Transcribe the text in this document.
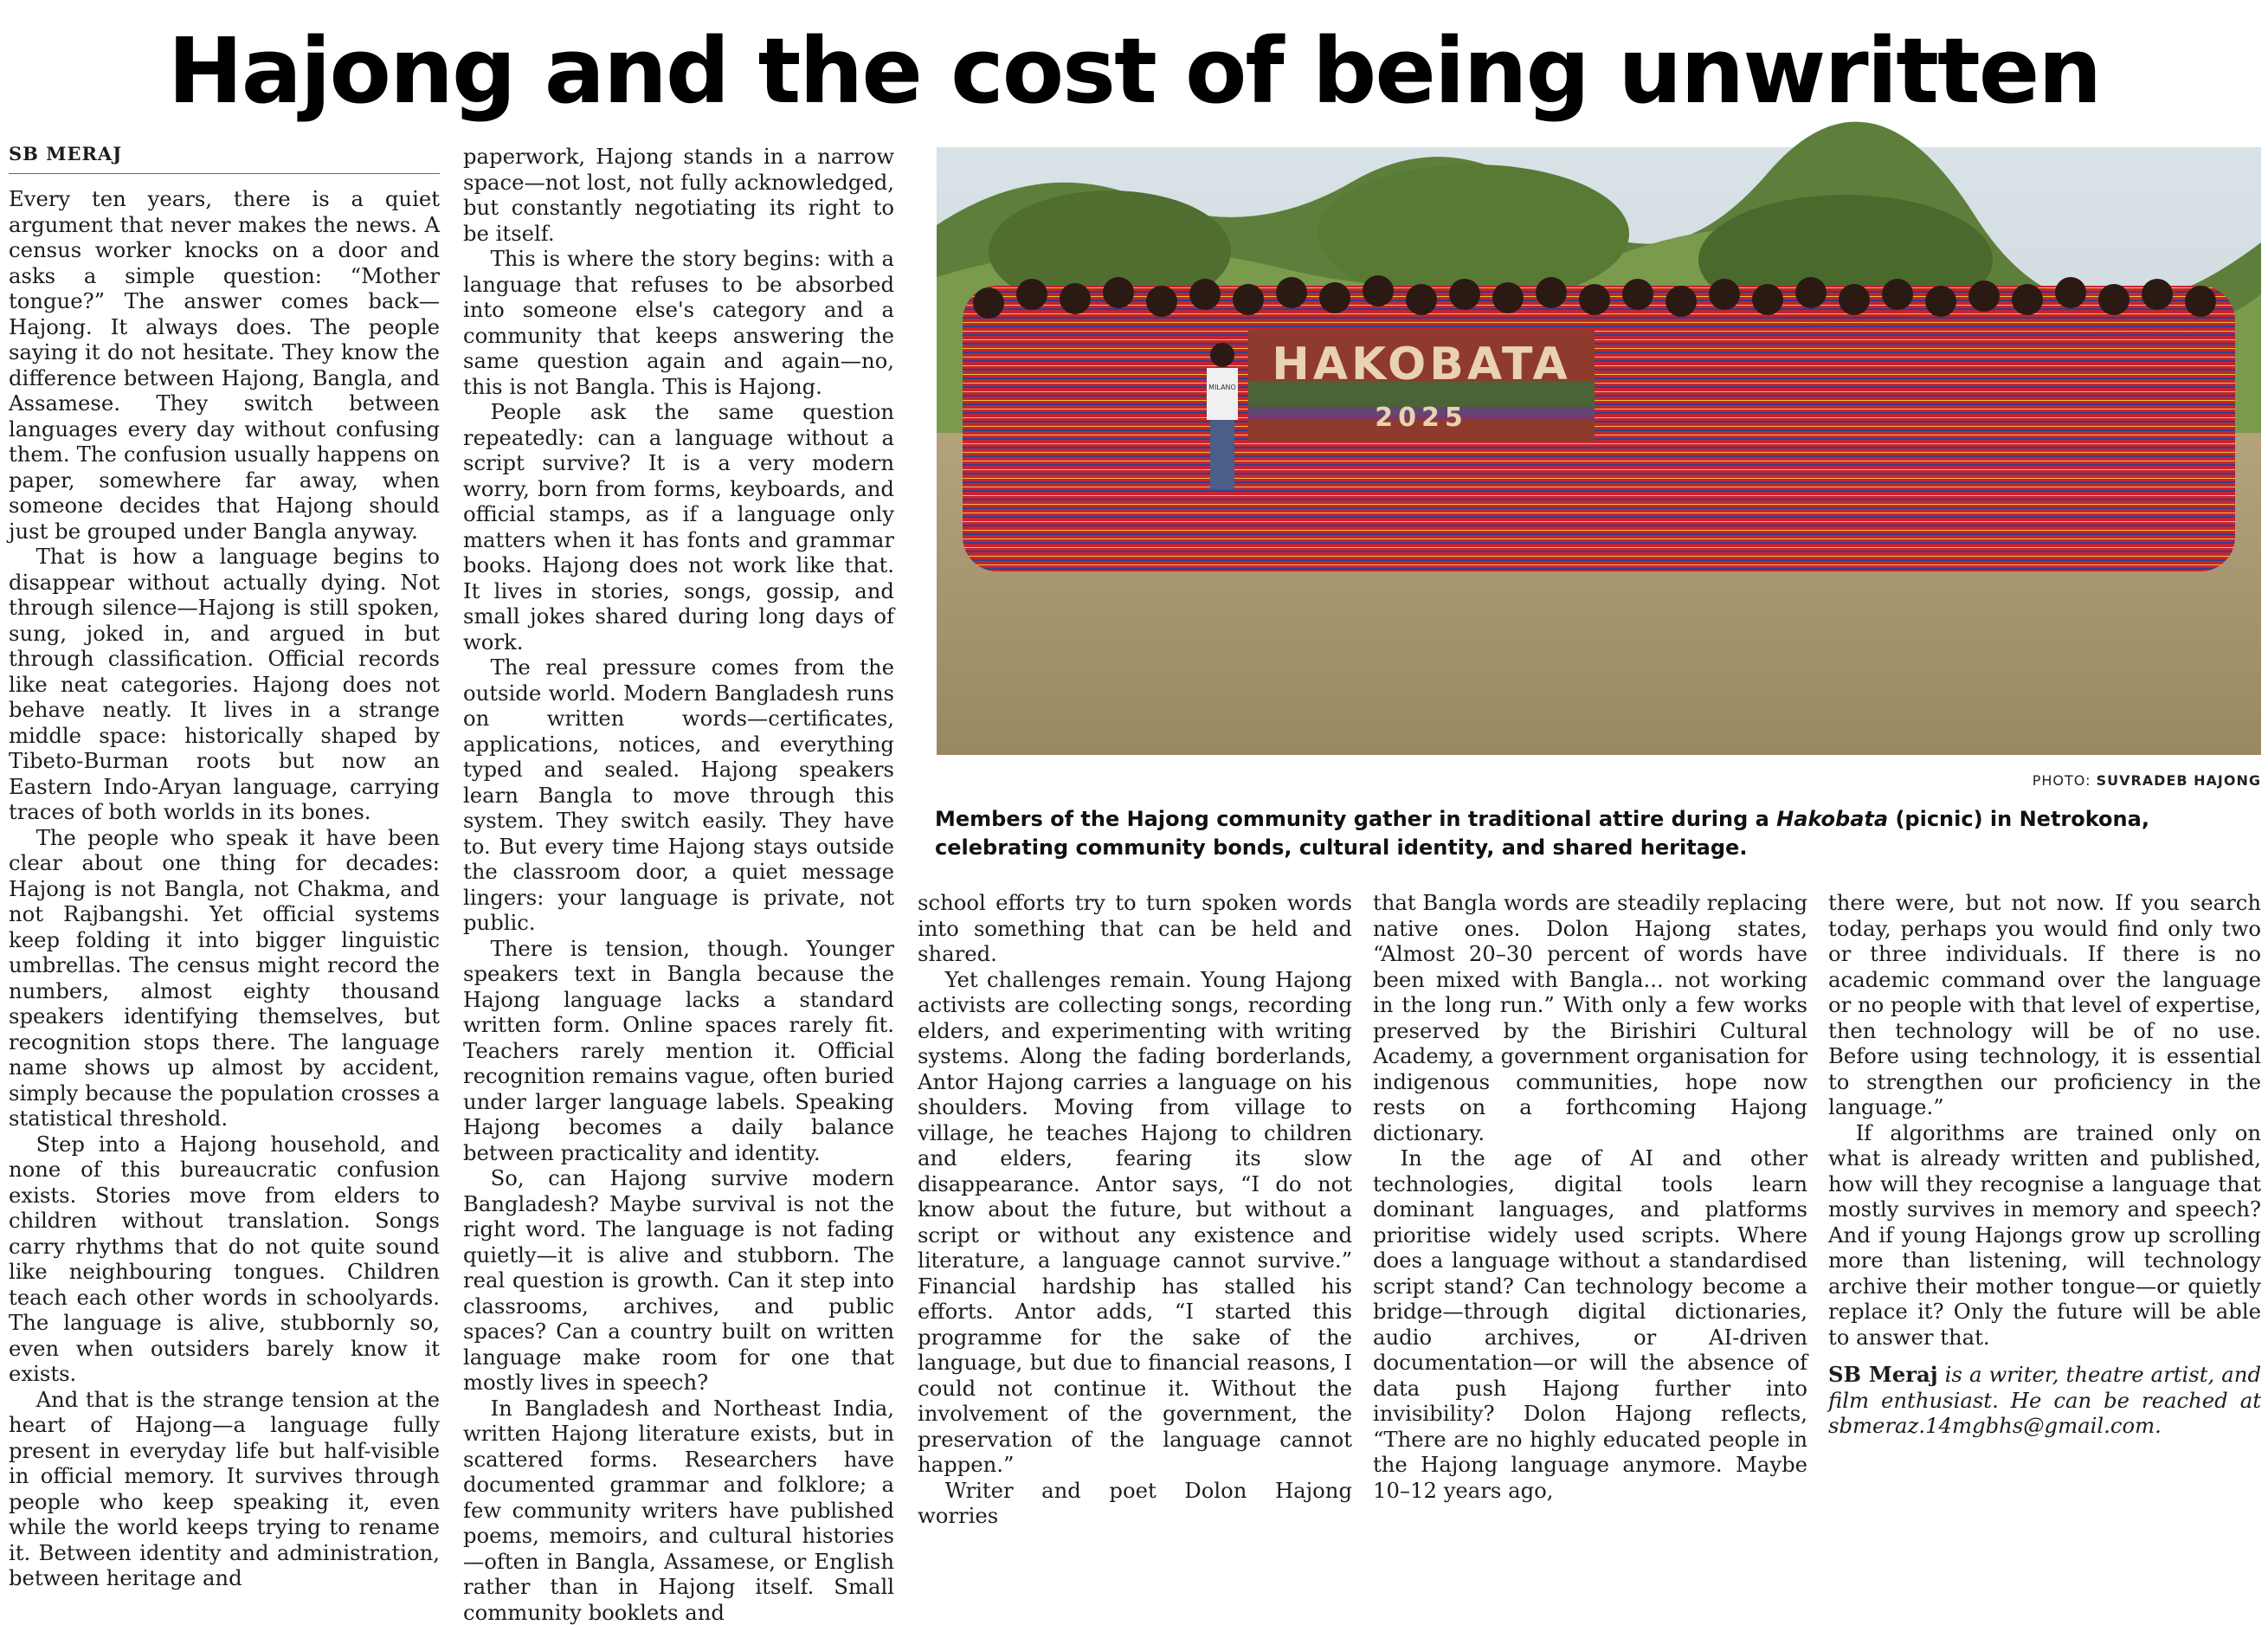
Hajong and the cost of being unwritten
SB MERAJ

Every ten years, there is a quiet argument that never makes the news. A census worker knocks on a door and asks a simple question: “Mother tongue?” The answer comes back—Hajong. It always does. The people saying it do not hesitate. They know the difference between Hajong, Bangla, and Assamese. They switch between languages every day without confusing them. The confusion usually happens on paper, somewhere far away, when someone decides that Hajong should just be grouped under Bangla anyway.

That is how a language begins to disappear without actually dying. Not through silence—Hajong is still spoken, sung, joked in, and argued in but through classification. Official records like neat categories. Hajong does not behave neatly. It lives in a strange middle space: historically shaped by Tibeto-Burman roots but now an Eastern Indo-Aryan language, carrying traces of both worlds in its bones.

The people who speak it have been clear about one thing for decades: Hajong is not Bangla, not Chakma, and not Rajbangshi. Yet official systems keep folding it into bigger linguistic umbrellas. The census might record the numbers, almost eighty thousand speakers identifying themselves, but recognition stops there. The language name shows up almost by accident, simply because the population crosses a statistical threshold.

Step into a Hajong household, and none of this bureaucratic confusion exists. Stories move from elders to children without translation. Songs carry rhythms that do not quite sound like neighbouring tongues. Children teach each other words in schoolyards. The language is alive, stubbornly so, even when outsiders barely know it exists.

And that is the strange tension at the heart of Hajong—a language fully present in everyday life but half-visible in official memory. It survives through people who keep speaking it, even while the world keeps trying to rename it. Between identity and administration, between heritage and

paperwork, Hajong stands in a narrow space—not lost, not fully acknowledged, but constantly negotiating its right to be itself.

This is where the story begins: with a language that refuses to be absorbed into someone else's category and a community that keeps answering the same question again and again—no, this is not Bangla. This is Hajong.

People ask the same question repeatedly: can a language without a script survive? It is a very modern worry, born from forms, keyboards, and official stamps, as if a language only matters when it has fonts and grammar books. Hajong does not work like that. It lives in stories, songs, gossip, and small jokes shared during long days of work.

The real pressure comes from the outside world. Modern Bangladesh runs on written words—certificates, applications, notices, and everything typed and sealed. Hajong speakers learn Bangla to move through this system. They switch easily. They have to. But every time Hajong stays outside the classroom door, a quiet message lingers: your language is private, not public.

There is tension, though. Younger speakers text in Bangla because the Hajong language lacks a standard written form. Online spaces rarely fit. Teachers rarely mention it. Official recognition remains vague, often buried under larger language labels. Speaking Hajong becomes a daily balance between practicality and identity.

So, can Hajong survive modern Bangladesh? Maybe survival is not the right word. The language is not fading quietly—it is alive and stubborn. The real question is growth. Can it step into classrooms, archives, and public spaces? Can a country built on written language make room for one that mostly lives in speech?

In Bangladesh and Northeast India, written Hajong literature exists, but in scattered forms. Researchers have documented grammar and folklore; a few community writers have published poems, memoirs, and cultural histories—often in Bangla, Assamese, or English rather than in Hajong itself. Small community booklets and

MILANO HAKOBATA
2025
PHOTO: SUVRADEB HAJONG
Members of the Hajong community gather in traditional attire during a Hakobata (picnic) in Netrokona, celebrating community bonds, cultural identity, and shared heritage.

school efforts try to turn spoken words into something that can be held and shared.

Yet challenges remain. Young Hajong activists are collecting songs, recording elders, and experimenting with writing systems. Along the fading borderlands, Antor Hajong carries a language on his shoulders. Moving from village to village, he teaches Hajong to children and elders, fearing its slow disappearance. Antor says, “I do not know about the future, but without a script or without any existence and literature, a language cannot survive.” Financial hardship has stalled his efforts. Antor adds, “I started this programme for the sake of the language, but due to financial reasons, I could not continue it. Without the involvement of the government, the preservation of the language cannot happen.”

Writer and poet Dolon Hajong worries

that Bangla words are steadily replacing native ones. Dolon Hajong states, “Almost 20–30 percent of words have been mixed with Bangla... not working in the long run.” With only a few works preserved by the Birishiri Cultural Academy, a government organisation for indigenous communities, hope now rests on a forthcoming Hajong dictionary.

In the age of AI and other technologies, digital tools learn dominant languages, and platforms prioritise widely used scripts. Where does a language without a standardised script stand? Can technology become a bridge—through digital dictionaries, audio archives, or AI-driven documentation—or will the absence of data push Hajong further into invisibility? Dolon Hajong reflects, “There are no highly educated people in the Hajong language anymore. Maybe 10–12 years ago,

there were, but not now. If you search today, perhaps you would find only two or three individuals. If there is no academic command over the language or no people with that level of expertise, then technology will be of no use. Before using technology, it is essential to strengthen our proficiency in the language.”

If algorithms are trained only on what is already written and published, how will they recognise a language that mostly survives in memory and speech? And if young Hajongs grow up scrolling more than listening, will technology archive their mother tongue—or quietly replace it? Only the future will be able to answer that.

SB Meraj is a writer, theatre artist, and film enthusiast. He can be reached at sbmeraz.14mgbhs@gmail.com.
